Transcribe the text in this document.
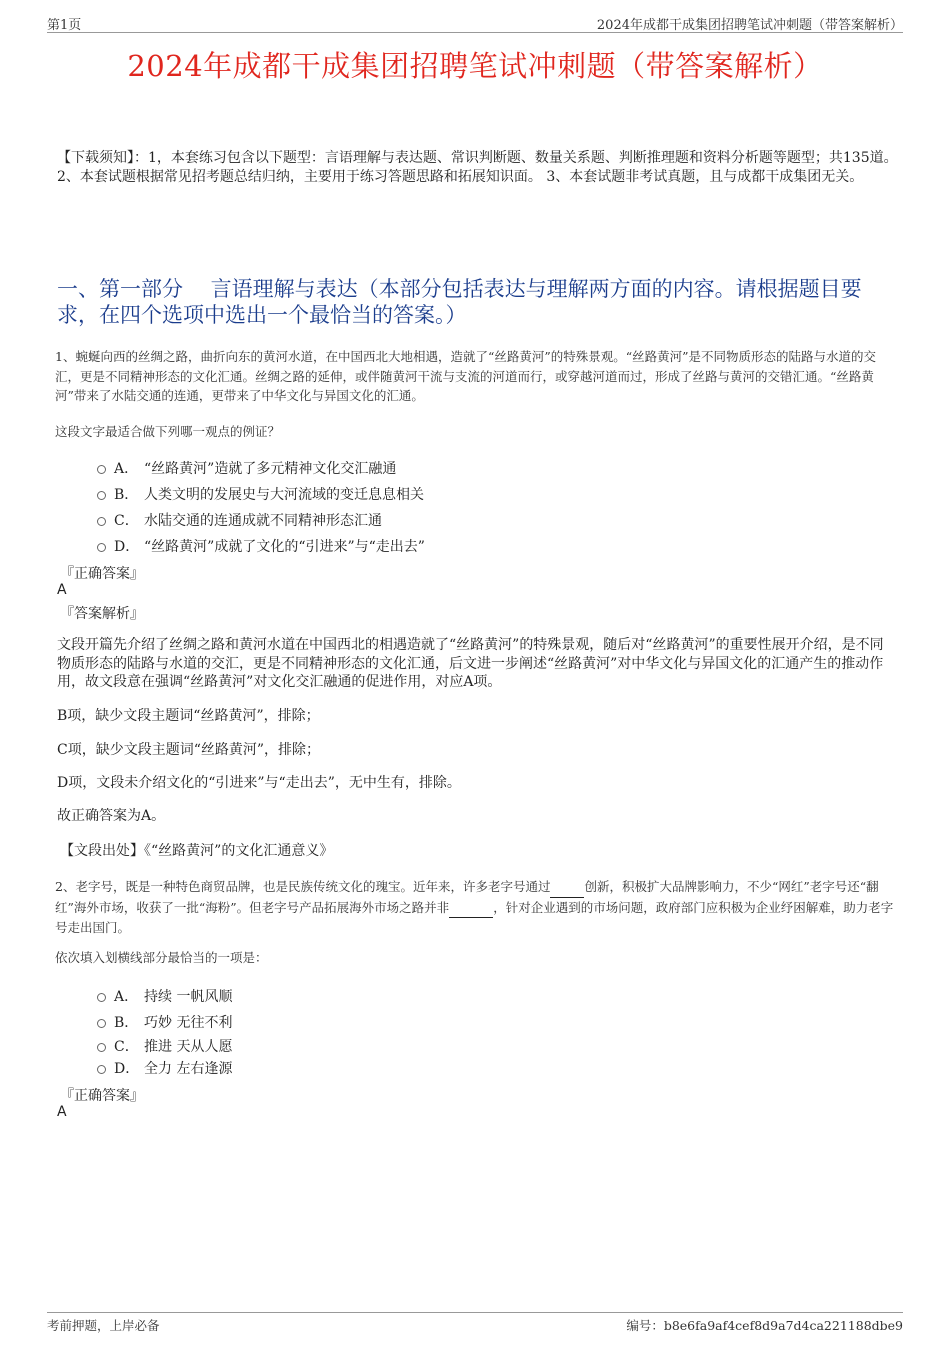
第1页	2024年成都干成集团招聘笔试冲刺题（带答案解析）
2024年成都干成集团招聘笔试冲刺题（带答案解析）
【下载须知】：1，本套练习包含以下题型：言语理解与表达题、常识判断题、数量关系题、判断推理题和资料分析题等题型；共135道。 2、本套试题根据常见招考题总结归纳，主要用于练习答题思路和拓展知识面。 3、本套试题非考试真题，且与成都干成集团无关。
一、第一部分　 言语理解与表达（本部分包括表达与理解两方面的内容。请根据题目要求，在四个选项中选出一个最恰当的答案。）
1、蜿蜒向西的丝绸之路，曲折向东的黄河水道，在中国西北大地相遇，造就了“丝路黄河”的特殊景观。“丝路黄河”是不同物质形态的陆路与水道的交汇，更是不同精神形态的文化汇通。丝绸之路的延伸，或伴随黄河干流与支流的河道而行，或穿越河道而过，形成了丝路与黄河的交错汇通。“丝路黄河”带来了水陆交通的连通，更带来了中华文化与异国文化的汇通。
这段文字最适合做下列哪一观点的例证？
A． “丝路黄河”造就了多元精神文化交汇融通
B． 人类文明的发展史与大河流域的变迁息息相关
C． 水陆交通的连通成就不同精神形态汇通
D． “丝路黄河”成就了文化的“引进来”与“走出去”
『正确答案』
A
『答案解析』
文段开篇先介绍了丝绸之路和黄河水道在中国西北的相遇造就了“丝路黄河”的特殊景观，随后对“丝路黄河”的重要性展开介绍，是不同物质形态的陆路与水道的交汇，更是不同精神形态的文化汇通，后文进一步阐述“丝路黄河”对中华文化与异国文化的汇通产生的推动作用，故文段意在强调“丝路黄河”对文化交汇融通的促进作用，对应A项。
B项，缺少文段主题词“丝路黄河”，排除；
C项，缺少文段主题词“丝路黄河”，排除；
D项，文段未介绍文化的“引进来”与“走出去”，无中生有，排除。
故正确答案为A。
【文段出处】《“丝路黄河”的文化汇通意义》
2、老字号，既是一种特色商贸品牌，也是民族传统文化的瑰宝。近年来，许多老字号通过	创新，积极扩大品牌影响力，不少“网红”老字号还“翻红”海外市场，收获了一批“海粉”。但老字号产品拓展海外市场之路并非	，针对企业遇到的市场问题，政府部门应积极为企业纾困解难，助力老字号走出国门。
依次填入划横线部分最恰当的一项是：
A． 持续 一帆风顺
B． 巧妙 无往不利
C． 推进 天从人愿
D． 全力 左右逢源
『正确答案』
A
考前押题，上岸必备	编号：b8e6fa9af4cef8d9a7d4ca221188dbe9
